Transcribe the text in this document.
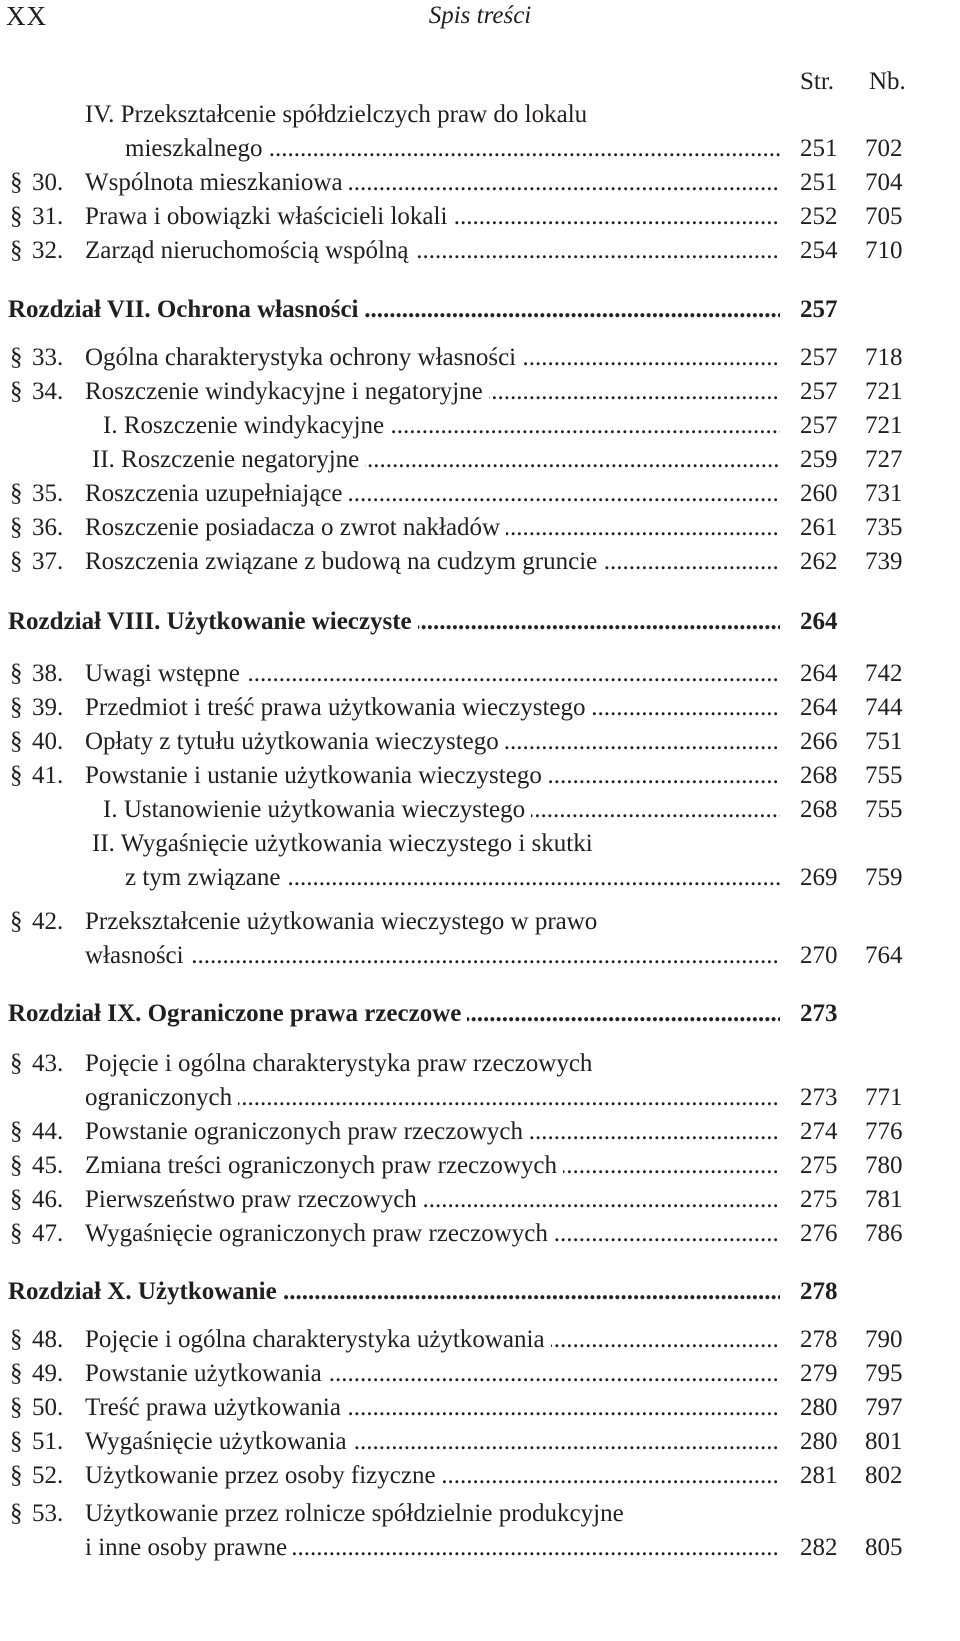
XX	Spis treści
Str. Nb.
IV. Przekształcenie spółdzielczych praw do lokalu
mieszkalnego .....	251	702
§ 30. Wspólnota mieszkaniowa .....	251	704
§ 31. Prawa i obowiązki właścicieli lokali .....	252	705
§ 32. Zarząd nieruchomością wspólną .....	254	710
Rozdział VII. Ochrona własności .....	257
§ 33. Ogólna charakterystyka ochrony własności .....	257	718
§ 34. Roszczenie windykacyjne i negatoryjne .....	257	721
I. Roszczenie windykacyjne .....	257	721
II. Roszczenie negatoryjne .....	259	727
§ 35. Roszczenia uzupełniające .....	260	731
§ 36. Roszczenie posiadacza o zwrot nakładów .....	261	735
§ 37. Roszczenia związane z budową na cudzym gruncie .....	262	739
Rozdział VIII. Użytkowanie wieczyste .....	264
§ 38. Uwagi wstępne .....	264	742
§ 39. Przedmiot i treść prawa użytkowania wieczystego .....	264	744
§ 40. Opłaty z tytułu użytkowania wieczystego .....	266	751
§ 41. Powstanie i ustanie użytkowania wieczystego .....	268	755
I. Ustanowienie użytkowania wieczystego .....	268	755
II. Wygaśnięcie użytkowania wieczystego i skutki
z tym związane .....	269	759
§ 42. Przekształcenie użytkowania wieczystego w prawo
własności .....	270	764
Rozdział IX. Ograniczone prawa rzeczowe .....	273
§ 43. Pojęcie i ogólna charakterystyka praw rzeczowych
ograniczonych .....	273	771
§ 44. Powstanie ograniczonych praw rzeczowych .....	274	776
§ 45. Zmiana treści ograniczonych praw rzeczowych .....	275	780
§ 46. Pierwszeństwo praw rzeczowych .....	275	781
§ 47. Wygaśnięcie ograniczonych praw rzeczowych .....	276	786
Rozdział X. Użytkowanie .....	278
§ 48. Pojęcie i ogólna charakterystyka użytkowania .....	278	790
§ 49. Powstanie użytkowania .....	279	795
§ 50. Treść prawa użytkowania .....	280	797
§ 51. Wygaśnięcie użytkowania .....	280	801
§ 52. Użytkowanie przez osoby fizyczne .....	281	802
§ 53. Użytkowanie przez rolnicze spółdzielnie produkcyjne
i inne osoby prawne .....	282	805
